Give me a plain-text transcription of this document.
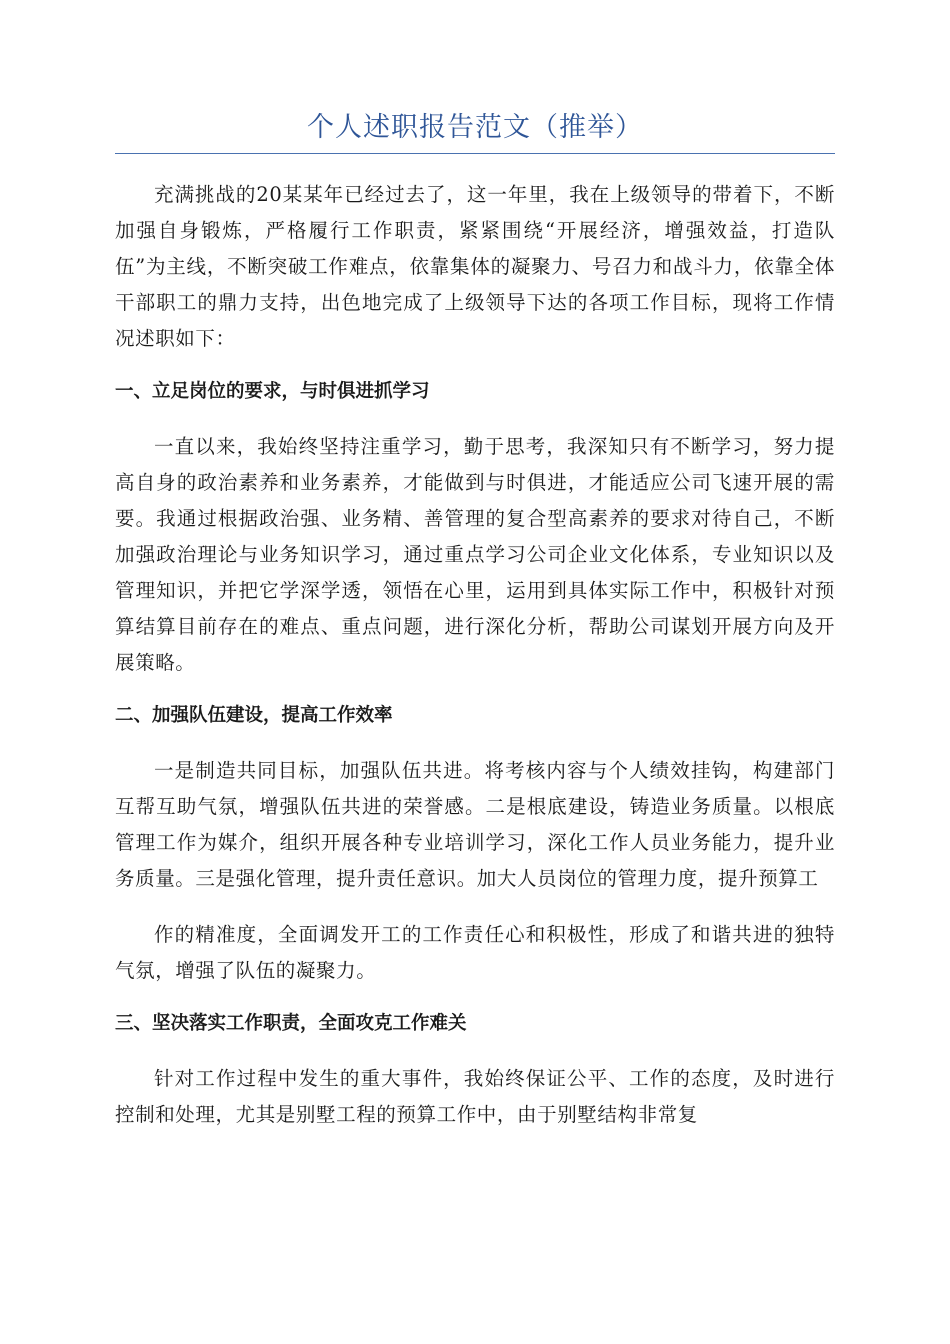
个人述职报告范文（推举）

充满挑战的20某某年已经过去了，这一年里，我在上级领导的带着下，不断加强自身锻炼，严格履行工作职责，紧紧围绕“开展经济，增强效益，打造队伍”为主线，不断突破工作难点，依靠集体的凝聚力、号召力和战斗力，依靠全体干部职工的鼎力支持，出色地完成了上级领导下达的各项工作目标，现将工作情况述职如下：

一、立足岗位的要求，与时俱进抓学习

一直以来，我始终坚持注重学习，勤于思考，我深知只有不断学习，努力提高自身的政治素养和业务素养，才能做到与时俱进，才能适应公司飞速开展的需要。我通过根据政治强、业务精、善管理的复合型高素养的要求对待自己，不断加强政治理论与业务知识学习，通过重点学习公司企业文化体系，专业知识以及管理知识，并把它学深学透，领悟在心里，运用到具体实际工作中，积极针对预算结算目前存在的难点、重点问题，进行深化分析，帮助公司谋划开展方向及开展策略。

二、加强队伍建设，提高工作效率

一是制造共同目标，加强队伍共进。将考核内容与个人绩效挂钩，构建部门互帮互助气氛，增强队伍共进的荣誉感。二是根底建设，铸造业务质量。以根底管理工作为媒介，组织开展各种专业培训学习，深化工作人员业务能力，提升业务质量。三是强化管理，提升责任意识。加大人员岗位的管理力度，提升预算工

作的精准度，全面调发开工的工作责任心和积极性，形成了和谐共进的独特气氛，增强了队伍的凝聚力。

三、坚决落实工作职责，全面攻克工作难关

针对工作过程中发生的重大事件，我始终保证公平、工作的态度，及时进行控制和处理，尤其是别墅工程的预算工作中，由于别墅结构非常复
